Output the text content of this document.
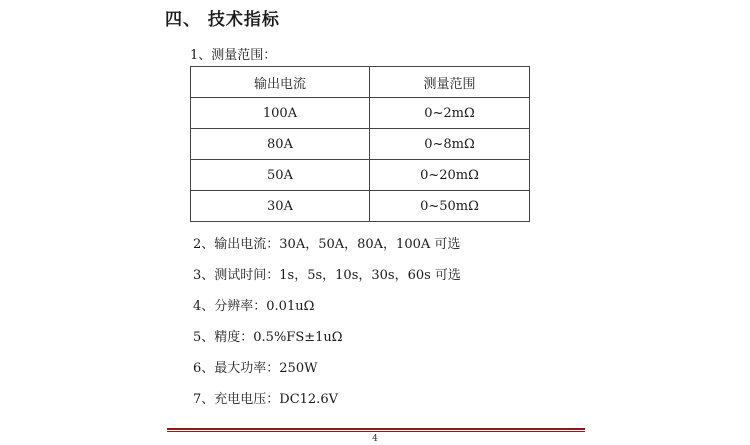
四、 技术指标
1、测量范围：
输出电流	测量范围
100A	0~2mΩ
80A	0~8mΩ
50A	0~20mΩ
30A	0~50mΩ
2、输出电流：30A，50A，80A，100A 可选
3、测试时间：1s，5s，10s，30s，60s 可选
4、分辨率：0.01uΩ
5、精度：0.5%FS±1uΩ
6、最大功率：250W
7、充电电压：DC12.6V
4
